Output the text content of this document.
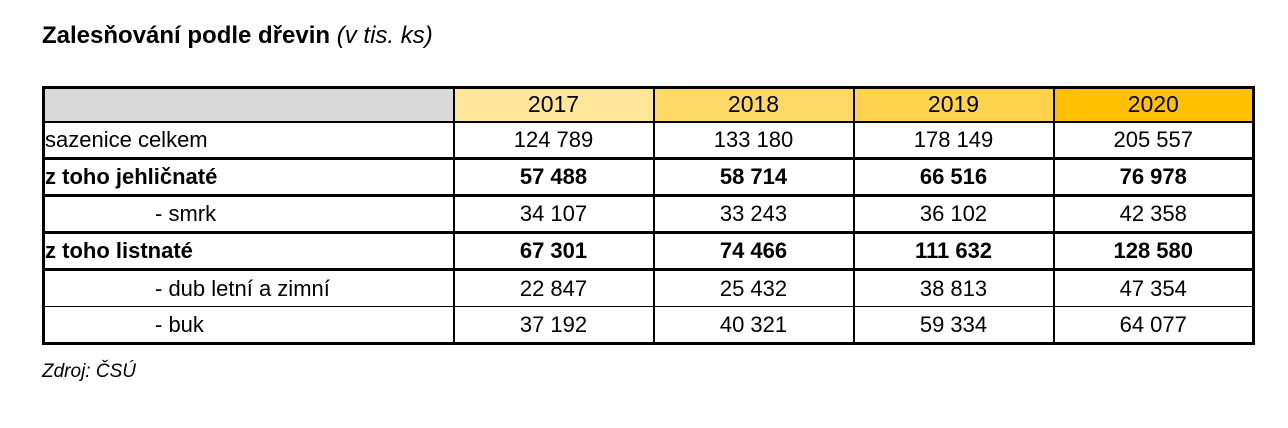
Zalesňování podle dřevin (v tis. ks)

	2017	2018	2019	2020
sazenice celkem	124 789	133 180	178 149	205 557
z toho jehličnaté	57 488	58 714	66 516	76 978
- smrk	34 107	33 243	36 102	42 358
z toho listnaté	67 301	74 466	111 632	128 580
- dub letní a zimní	22 847	25 432	38 813	47 354
- buk	37 192	40 321	59 334	64 077

Zdroj: ČSÚ
